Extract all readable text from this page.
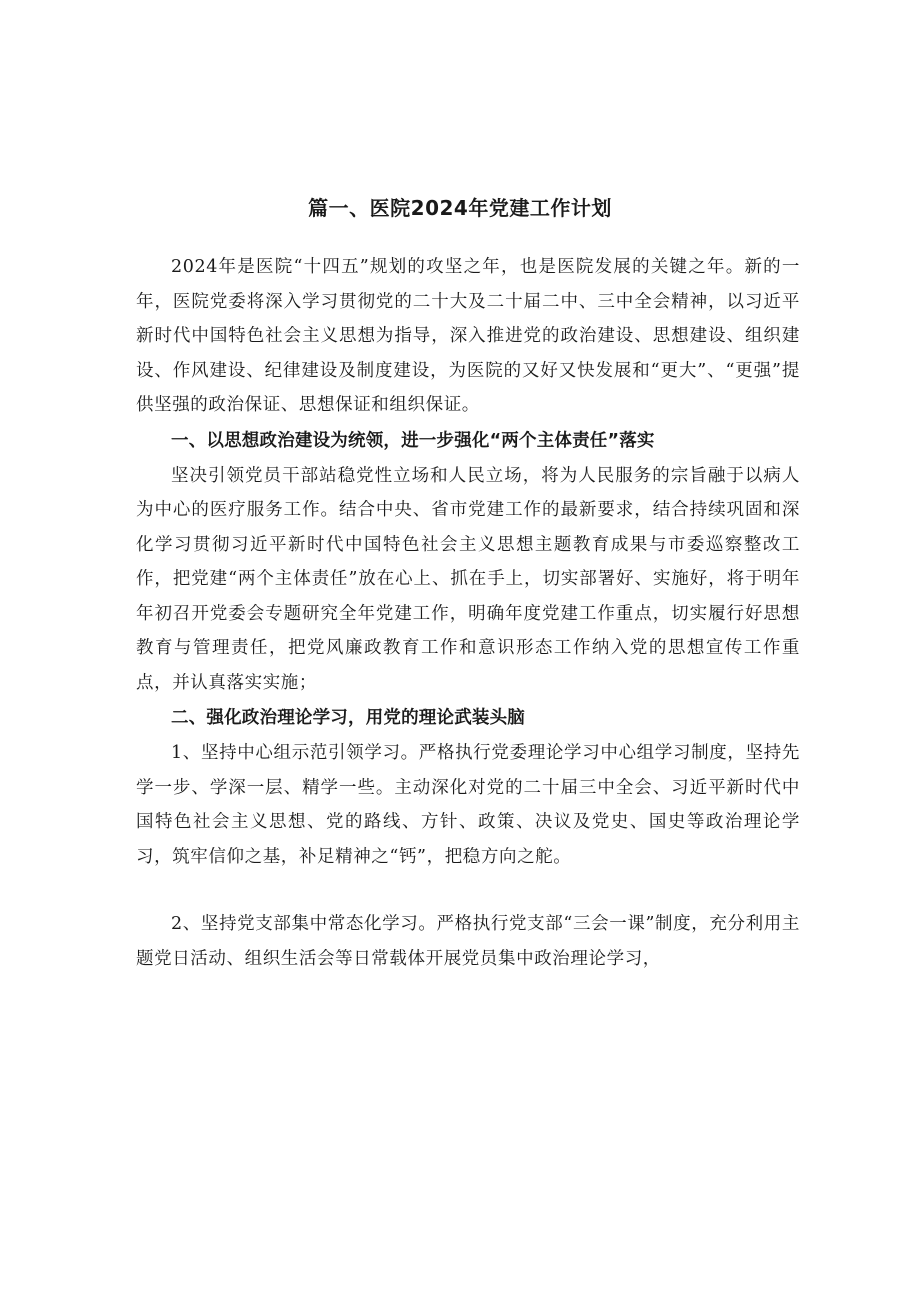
篇一、医院2024年党建工作计划

2024年是医院“十四五”规划的攻坚之年，也是医院发展的关键之年。新的一年，医院党委将深入学习贯彻党的二十大及二十届二中、三中全会精神，以习近平新时代中国特色社会主义思想为指导，深入推进党的政治建设、思想建设、组织建设、作风建设、纪律建设及制度建设，为医院的又好又快发展和“更大”、“更强”提供坚强的政治保证、思想保证和组织保证。

一、以思想政治建设为统领，进一步强化“两个主体责任”落实

坚决引领党员干部站稳党性立场和人民立场，将为人民服务的宗旨融于以病人为中心的医疗服务工作。结合中央、省市党建工作的最新要求，结合持续巩固和深化学习贯彻习近平新时代中国特色社会主义思想主题教育成果与市委巡察整改工作，把党建“两个主体责任”放在心上、抓在手上，切实部署好、实施好，将于明年年初召开党委会专题研究全年党建工作，明确年度党建工作重点，切实履行好思想教育与管理责任，把党风廉政教育工作和意识形态工作纳入党的思想宣传工作重点，并认真落实实施；

二、强化政治理论学习，用党的理论武装头脑

1、坚持中心组示范引领学习。严格执行党委理论学习中心组学习制度，坚持先学一步、学深一层、精学一些。主动深化对党的二十届三中全会、习近平新时代中国特色社会主义思想、党的路线、方针、政策、决议及党史、国史等政治理论学习，筑牢信仰之基，补足精神之“钙”，把稳方向之舵。

2、坚持党支部集中常态化学习。严格执行党支部“三会一课”制度，充分利用主题党日活动、组织生活会等日常载体开展党员集中政治理论学习，
